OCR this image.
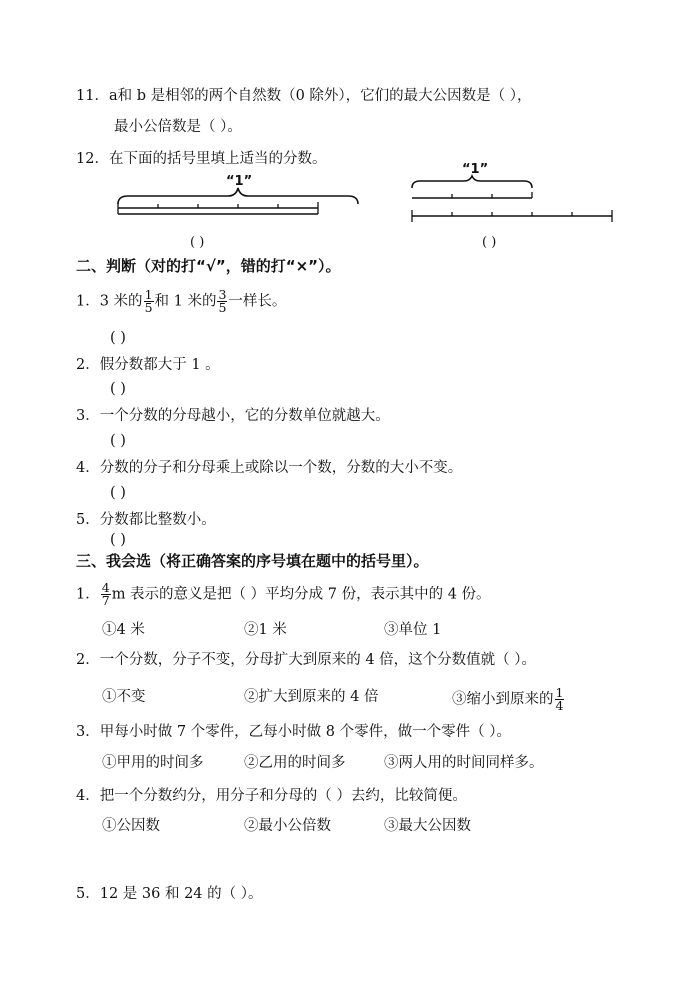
11．a和 b 是相邻的两个自然数（0 除外），它们的最大公因数是（ ），
最小公倍数是（ ）。
12．在下面的括号里填上适当的分数。
“1”
( )
“1”
( )
二、判断（对的打“√”，错的打“×”）。
1．3 米的 $\frac{1}{5}$ 和 1 米的 $\frac{3}{5}$ 一样长。
( )
2．假分数都大于 1 。
( )
3．一个分数的分母越小，它的分数单位就越大。
( )
4．分数的分子和分母乘上或除以一个数，分数的大小不变。
( )
5．分数都比整数小。
( )
三、我会选（将正确答案的序号填在题中的括号里）。
1． $\frac{4}{7}$ m 表示的意义是把（ ）平均分成 7 份，表示其中的 4 份。
①4 米	②1 米	③单位 1
2．一个分数，分子不变，分母扩大到原来的 4 倍，这个分数值就（ ）。
①不变	②扩大到原来的 4 倍	③缩小到原来的 $\frac{1}{4}$
3．甲每小时做 7 个零件，乙每小时做 8 个零件，做一个零件（ ）。
①甲用的时间多	②乙用的时间多	③两人用的时间同样多。
4．把一个分数约分，用分子和分母的（ ）去约，比较简便。
①公因数	②最小公倍数	③最大公因数
5．12 是 36 和 24 的（ ）。
